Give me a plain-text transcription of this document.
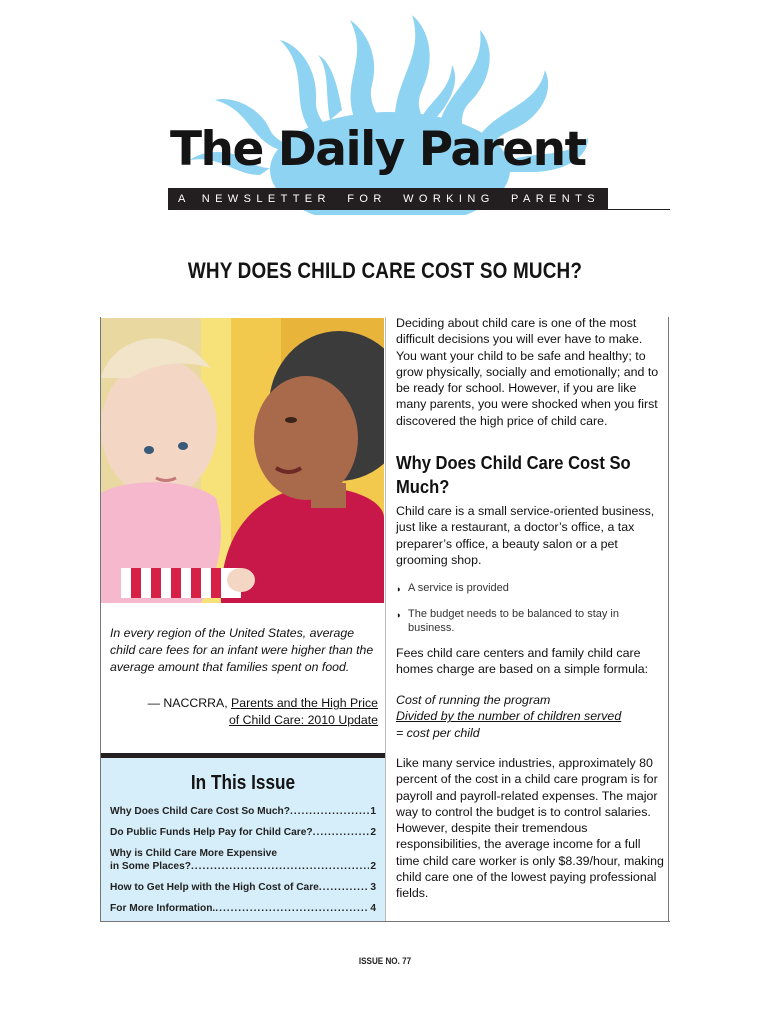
The Daily Parent
A NEWSLETTER FOR WORKING PARENTS
WHY DOES CHILD CARE COST SO MUCH?
In every region of the United States, average child care fees for an infant were higher than the average amount that families spent on food.
— NACCRRA, Parents and the High Price
of Child Care: 2010 Update
In This Issue
Why Does Child Care Cost So Much? .....	1
Do Public Funds Help Pay for Child Care? .....	2
Why is Child Care More Expensive
in Some Places? .....	2
How to Get Help with the High Cost of Care .....	3
For More Information. .....	4
Deciding about child care is one of the most difficult decisions you will ever have to make. You want your child to be safe and healthy; to grow physically, socially and emotionally; and to be ready for school. However, if you are like many parents, you were shocked when you first discovered the high price of child care.
Why Does Child Care Cost So Much?
Child care is a small service-oriented business, just like a restaurant, a doctor’s office, a tax preparer’s office, a beauty salon or a pet grooming shop.
◗ A service is provided
◗ The budget needs to be balanced to stay in business.
Fees child care centers and family child care homes charge are based on a simple formula:
Cost of running the program
Divided by the number of children served
= cost per child
Like many service industries, approximately 80 percent of the cost in a child care program is for payroll and payroll-related expenses. The major way to control the budget is to control salaries. However, despite their tremendous responsibilities, the average income for a full time child care worker is only $8.39/hour, making child care one of the lowest paying professional fields.
ISSUE NO. 77
